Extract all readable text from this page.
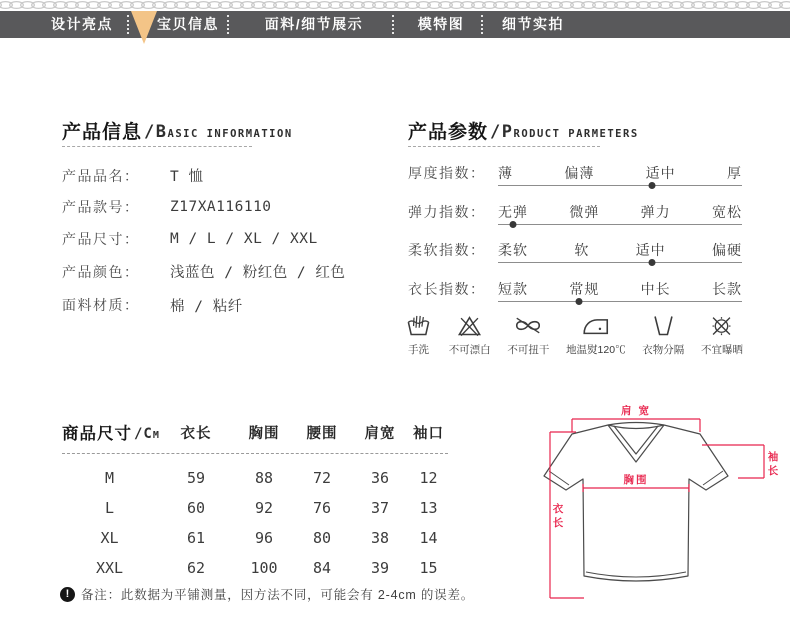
设计亮点	宝贝信息	面料/细节展示	模特图	细节实拍
产品信息 /BASIC INFORMATION
产品品名：	T 恤
产品款号：	Z17XA116110
产品尺寸：	M / L / XL / XXL
产品颜色：	浅蓝色 / 粉红色 / 红色
面料材质：	棉 / 粘纤
产品参数 /PRODUCT PARMETERS
厚度指数： 薄	偏薄	适中	厚
弹力指数： 无弹	微弹	弹力	宽松
柔软指数： 柔软	软	适中	偏硬
衣长指数： 短款	常规	中长	长款
手洗 不可漂白 不可扭干 地温熨120℃ 衣物分隔 不宜曝晒
商品尺寸 /CM	衣长	胸围	腰围	肩宽	袖口
M	59	88	72	36	12
L	60	92	76	37	13
XL	61	96	80	38	14
XXL	62	100	84	39	15
! 备注：此数据为平铺测量，因方法不同，可能会有 2-4cm 的误差。
肩 宽
胸围
衣
长
袖
长
